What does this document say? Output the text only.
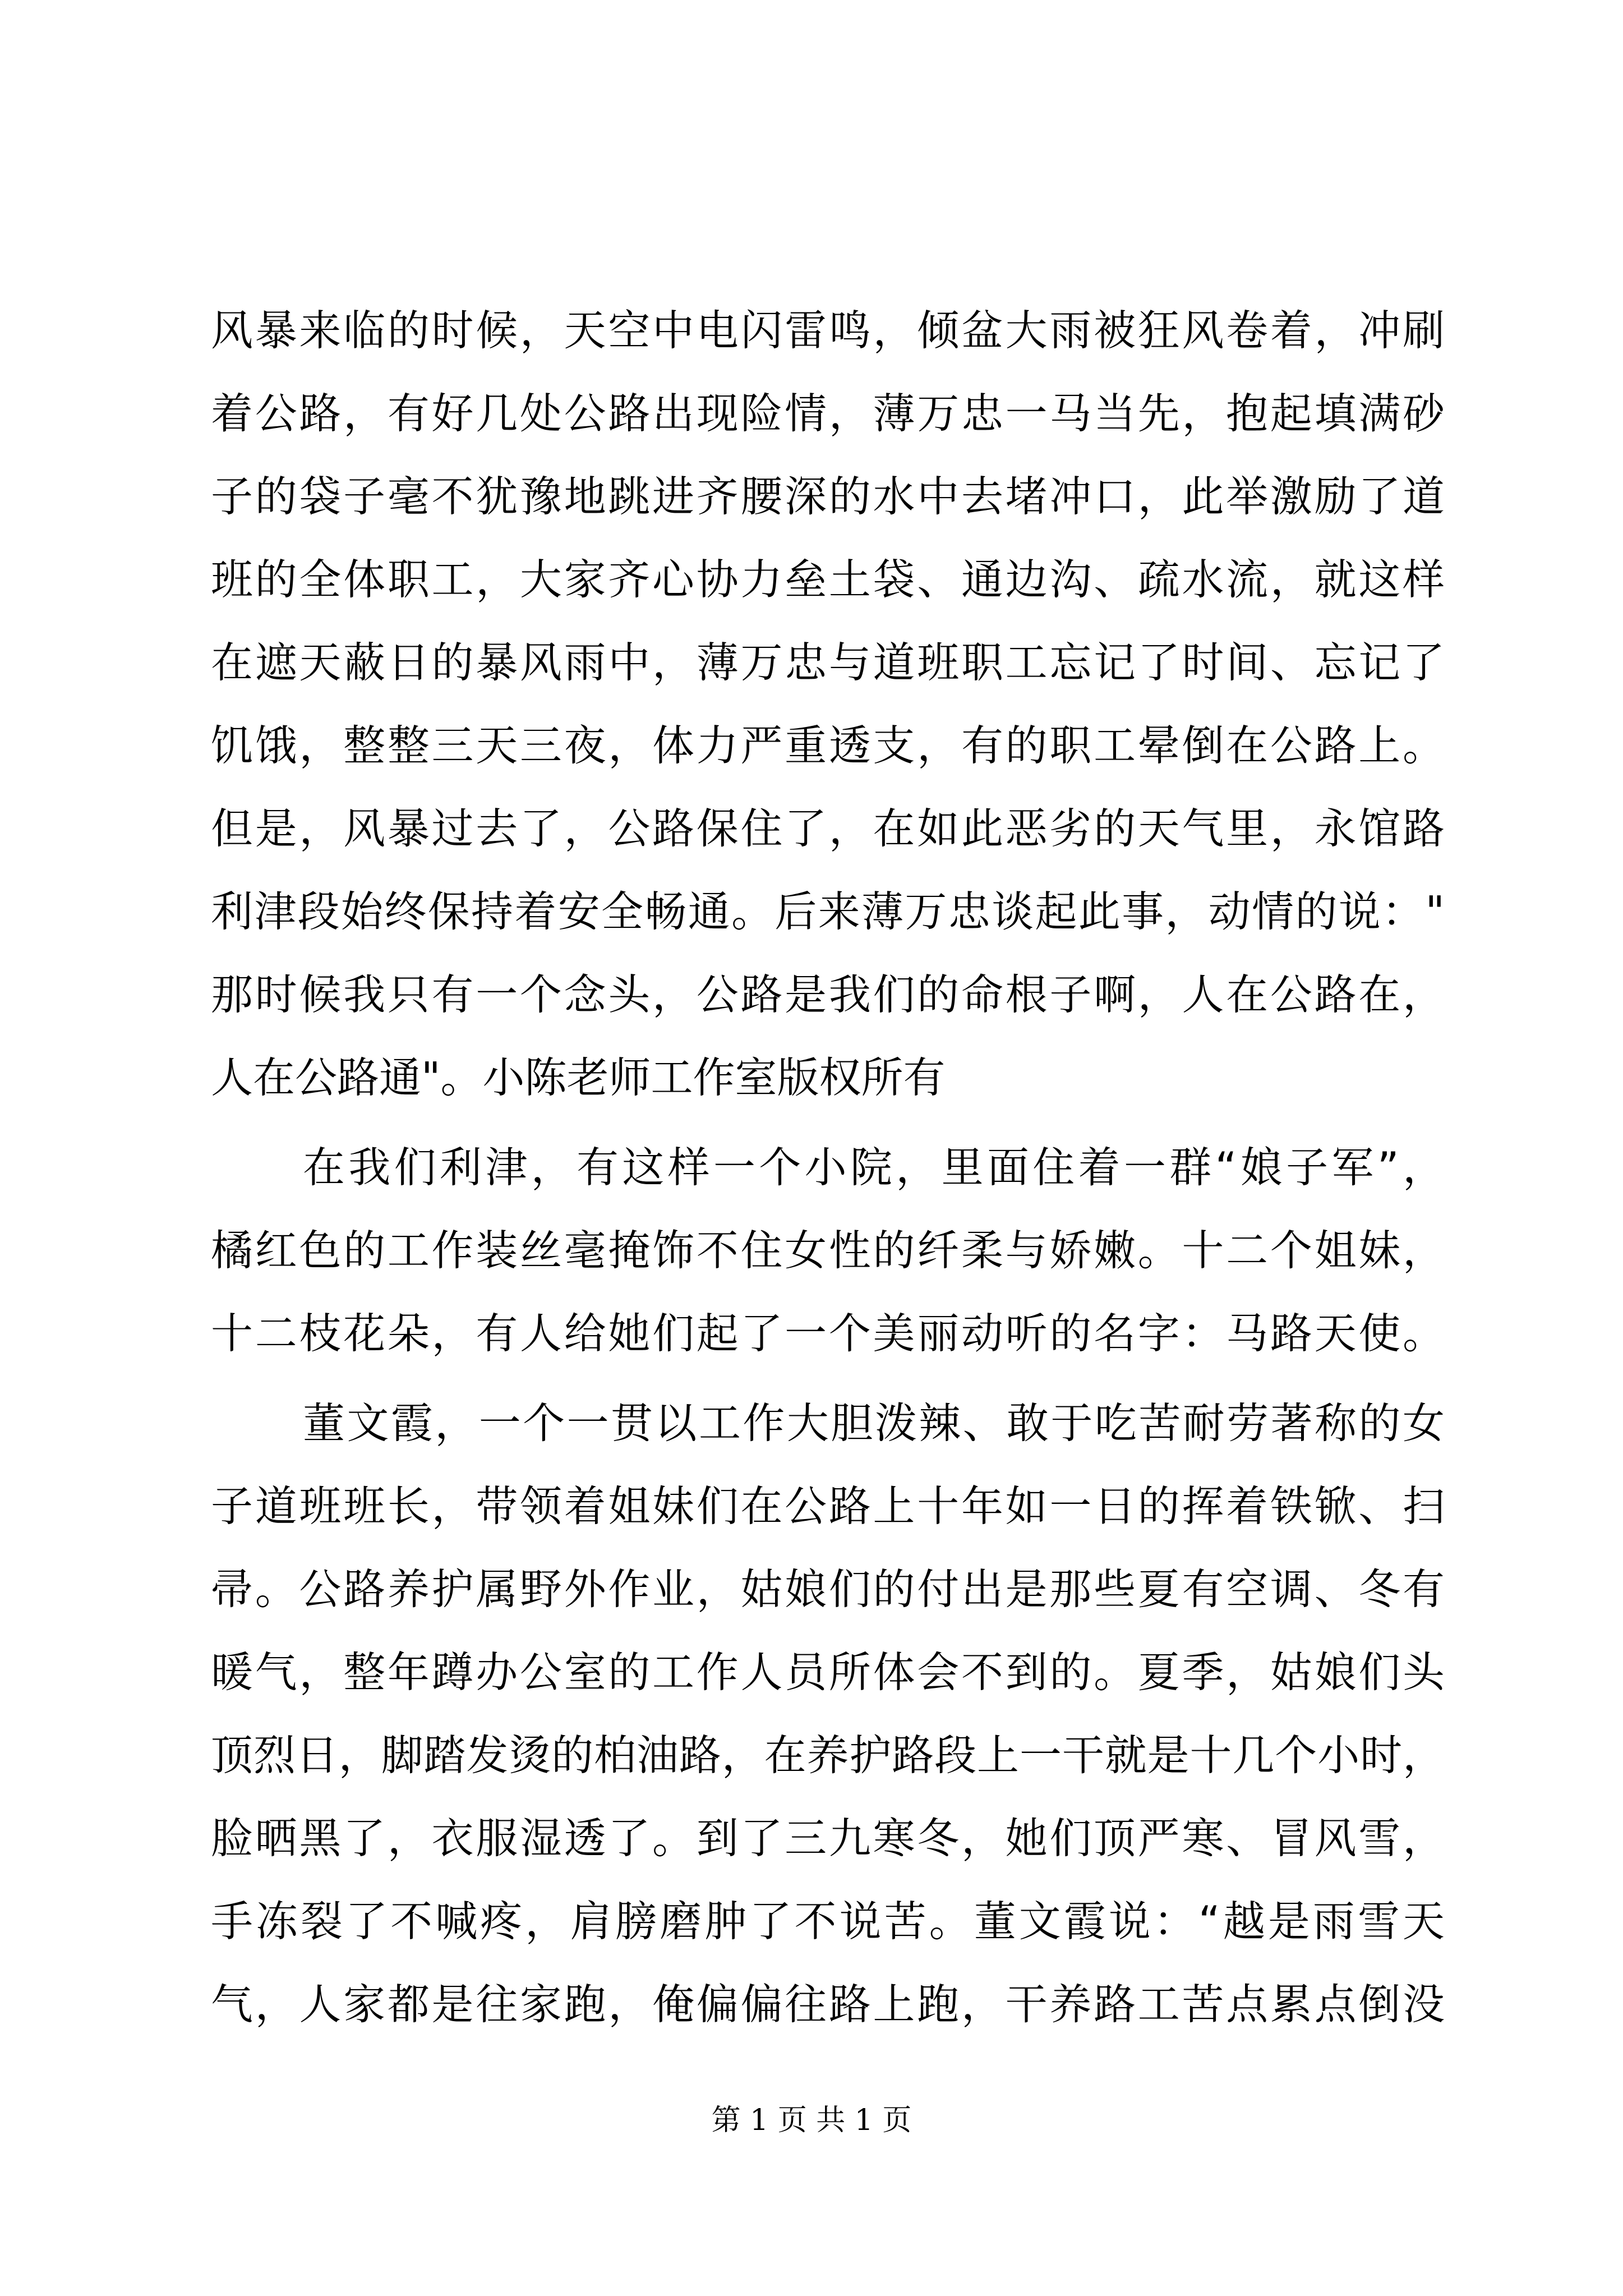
风暴来临的时候，天空中电闪雷鸣，倾盆大雨被狂风卷着，冲刷
着公路，有好几处公路出现险情，薄万忠一马当先，抱起填满砂
子的袋子毫不犹豫地跳进齐腰深的水中去堵冲口，此举激励了道
班的全体职工，大家齐心协力垒土袋、通边沟、疏水流，就这样
在遮天蔽日的暴风雨中，薄万忠与道班职工忘记了时间、忘记了
饥饿，整整三天三夜，体力严重透支，有的职工晕倒在公路上。
但是，风暴过去了，公路保住了，在如此恶劣的天气里，永馆路
利津段始终保持着安全畅通。后来薄万忠谈起此事，动情的说："
那时候我只有一个念头，公路是我们的命根子啊，人在公路在，
人在公路通"。小陈老师工作室版权所有
在我们利津，有这样一个小院，里面住着一群“娘子军”，
橘红色的工作装丝毫掩饰不住女性的纤柔与娇嫩。十二个姐妹，
十二枝花朵，有人给她们起了一个美丽动听的名字：马路天使。
董文霞，一个一贯以工作大胆泼辣、敢于吃苦耐劳著称的女
子道班班长，带领着姐妹们在公路上十年如一日的挥着铁锨、扫
帚。公路养护属野外作业，姑娘们的付出是那些夏有空调、冬有
暖气，整年蹲办公室的工作人员所体会不到的。夏季，姑娘们头
顶烈日，脚踏发烫的柏油路，在养护路段上一干就是十几个小时，
脸晒黑了，衣服湿透了。到了三九寒冬，她们顶严寒、冒风雪，
手冻裂了不喊疼，肩膀磨肿了不说苦。董文霞说：“越是雨雪天
气，人家都是往家跑，俺偏偏往路上跑，干养路工苦点累点倒没
第 1 页 共 1 页
